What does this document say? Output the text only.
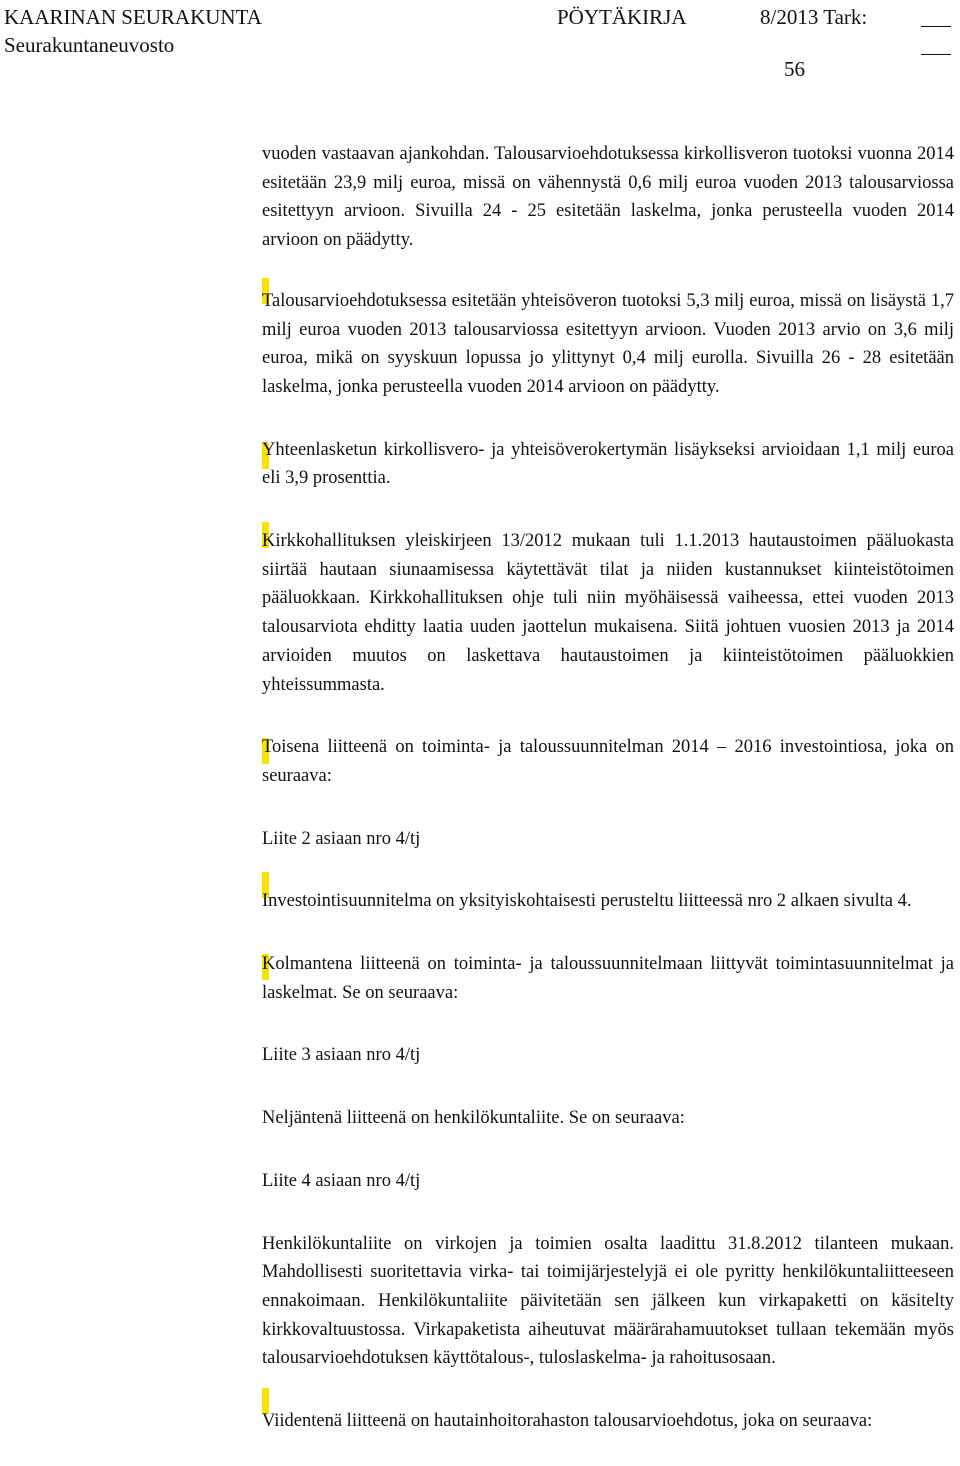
KAARINAN SEURAKUNTA
Seurakuntaneuvosto
PÖYTÄKIRJA	8/2013 Tark:
56

vuoden vastaavan ajankohdan. Talousarvioehdotuksessa kirkollisveron tuotoksi vuonna 2014 esitetään 23,9 milj euroa, missä on vähennystä 0,6 milj euroa vuoden 2013 talousarviossa esitettyyn arvioon. Sivuilla 24 - 25 esitetään laskelma, jonka perusteella vuoden 2014 arvioon on päädytty.

Talousarvioehdotuksessa esitetään yhteisöveron tuotoksi 5,3 milj euroa, missä on lisäystä 1,7 milj euroa vuoden 2013 talousarviossa esitettyyn arvioon. Vuoden 2013 arvio on 3,6 milj euroa, mikä on syyskuun lopussa jo ylittynyt 0,4 milj eurolla. Sivuilla 26 - 28 esitetään laskelma, jonka perusteella vuoden 2014 arvioon on päädytty.

Yhteenlasketun kirkollisvero- ja yhteisöverokertymän lisäykseksi arvioidaan 1,1 milj euroa eli 3,9 prosenttia.

Kirkkohallituksen yleiskirjeen 13/2012 mukaan tuli 1.1.2013 hautaustoimen pääluokasta siirtää hautaan siunaamisessa käytettävät tilat ja niiden kustannukset kiinteistötoimen pääluokkaan. Kirkkohallituksen ohje tuli niin myöhäisessä vaiheessa, ettei vuoden 2013 talousarviota ehditty laatia uuden jaottelun mukaisena. Siitä johtuen vuosien 2013 ja 2014 arvioiden muutos on laskettava hautaustoimen ja kiinteistötoimen pääluokkien yhteissummasta.

Toisena liitteenä on toiminta- ja taloussuunnitelman 2014 – 2016 investointiosa, joka on seuraava:

Liite 2 asiaan nro 4/tj

Investointisuunnitelma on yksityiskohtaisesti perusteltu liitteessä nro 2 alkaen sivulta 4.

Kolmantena liitteenä on toiminta- ja taloussuunnitelmaan liittyvät toimintasuunnitelmat ja laskelmat. Se on seuraava:

Liite 3 asiaan nro 4/tj

Neljäntenä liitteenä on henkilökuntaliite. Se on seuraava:

Liite 4 asiaan nro 4/tj

Henkilökuntaliite on virkojen ja toimien osalta laadittu 31.8.2012 tilanteen mukaan. Mahdollisesti suoritettavia virka- tai toimijärjestelyjä ei ole pyritty henkilökuntaliitteeseen ennakoimaan. Henkilökuntaliite päivitetään sen jälkeen kun virkapaketti on käsitelty kirkkovaltuustossa. Virkapaketista aiheutuvat määrärahamuutokset tullaan tekemään myös talousarvioehdotuksen käyttötalous-, tuloslaskelma- ja rahoitusosaan.

Viidentenä liitteenä on hautainhoitorahaston talousarvioehdotus, joka on seuraava:
